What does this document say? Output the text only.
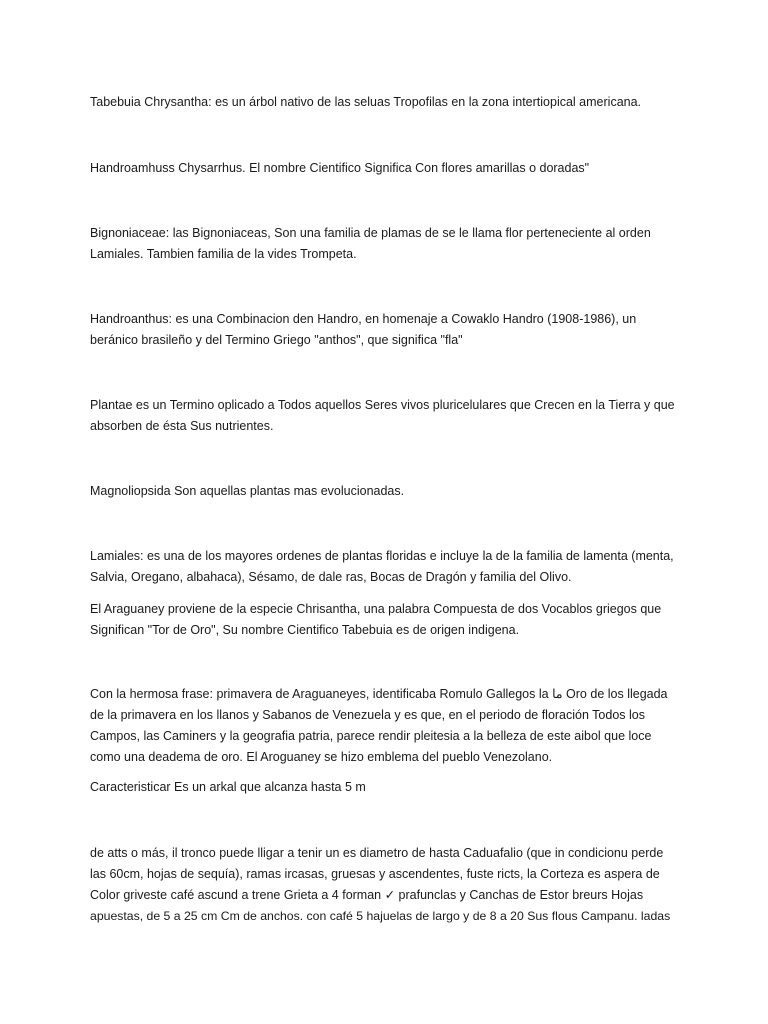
Tabebuia Chrysantha: es un árbol nativo de las seluas Tropofilas en la zona intertiopical americana.

Handroamhuss Chysarrhus. El nombre Cientifico Significa Con flores amarillas o doradas"

Bignoniaceae: las Bignoniaceas, Son una familia de plamas de se le llama flor perteneciente al orden
Lamiales. Tambien familia de la vides Trompeta.

Handroanthus: es una Combinacion den Handro, en homenaje a Cowaklo Handro (1908-1986), un
beránico brasileño y del Termino Griego "anthos", que significa "fla"

Plantae es un Termino oplicado a Todos aquellos Seres vivos pluricelulares que Crecen en la Tierra y que
absorben de ésta Sus nutrientes.

Magnoliopsida Son aquellas plantas mas evolucionadas.

Lamiales: es una de los mayores ordenes de plantas floridas e incluye la de la familia de lamenta (menta,
Salvia, Oregano, albahaca), Sésamo, de dale ras, Bocas de Dragón y familia del Olivo.

El Araguaney proviene de la especie Chrisantha, una palabra Compuesta de dos Vocablos griegos que
Significan "Tor de Oro", Su nombre Cientifico Tabebuia es de origen indigena.

Con la hermosa frase: primavera de Araguaneyes, identificaba Romulo Gallegos la ما Oro de los llegada
de la primavera en los llanos y Sabanos de Venezuela y es que, en el periodo de floración Todos los
Campos, las Caminers y la geografia patria, parece rendir pleitesia a la belleza de este aibol que loce
como una deadema de oro. El Aroguaney se hizo emblema del pueblo Venezolano.

Caracteristicar Es un arkal que alcanza hasta 5 m

de atts o más, il tronco puede lligar a tenir un es diametro de hasta Caduafalio (que in condicionu perde
las 60cm, hojas de sequía), ramas ircasas, gruesas y ascendentes, fuste ricts, la Corteza es aspera de
Color griveste café ascund a trene Grieta a 4 forman ✓ prafunclas y Canchas de Estor breurs Hojas
apuestas, de 5 a 25 cm Cm de anchos. con café 5 hajuelas de largo y de 8 a 20 Sus flous Campanu. ladas
